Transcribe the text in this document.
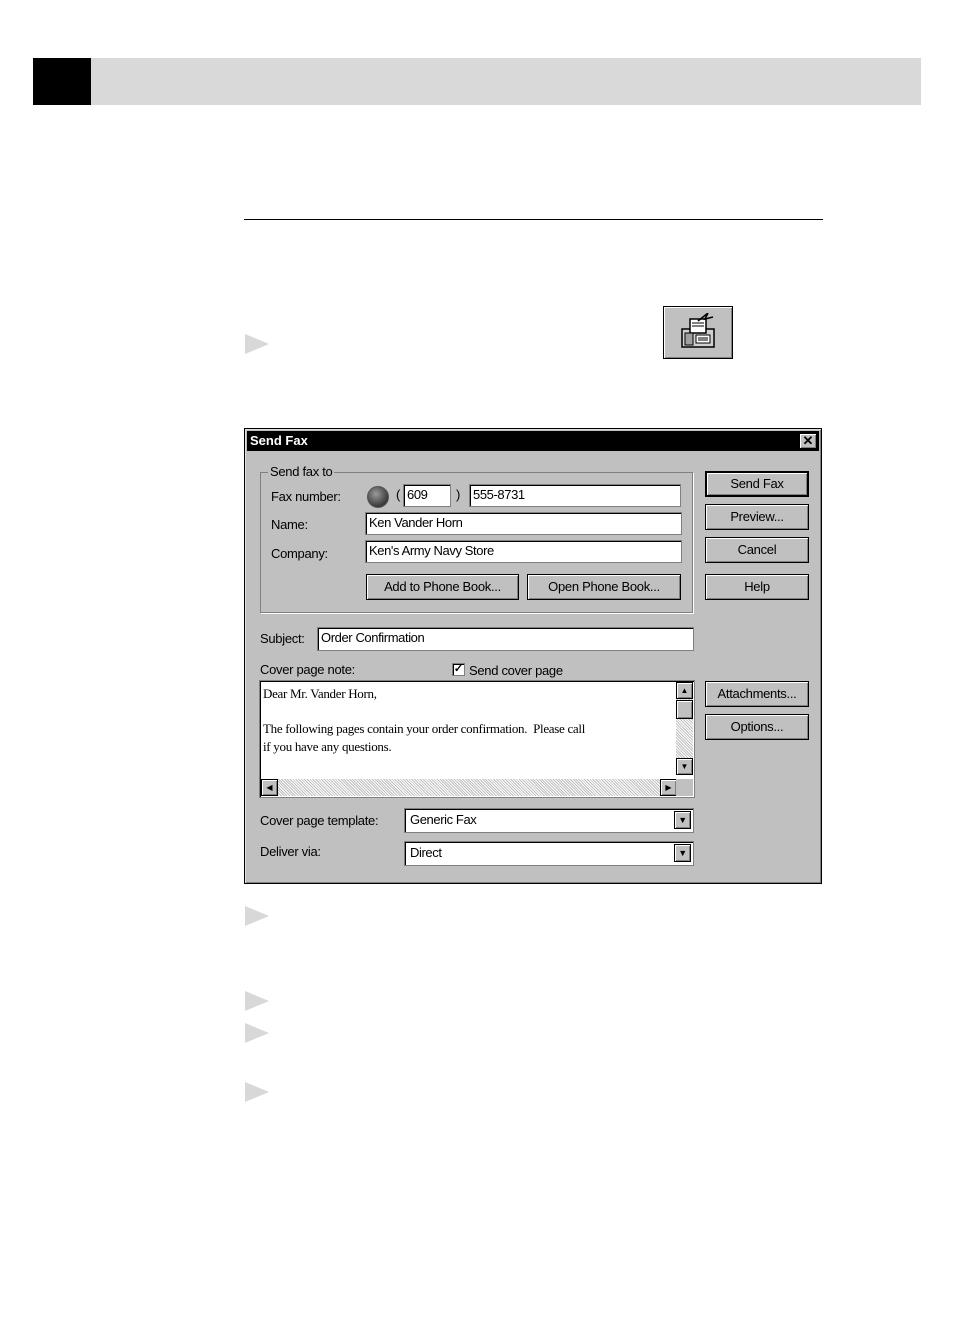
Send Fax	✕
Send fax to
Fax number:	( 609	) 555-8731
Name:	Ken Vander Horn
Company:	Ken's Army Navy Store
Add to Phone Book...	Open Phone Book...
Subject:	Order Confirmation
Cover page note:	✓ Send cover page
Dear Mr. Vander Horn,

The following pages contain your order confirmation.  Please call
if you have any questions.
▲
▼
◀	▶
Cover page template:	Generic Fax	▼
Deliver via:	Direct	▼
Send Fax
Preview...
Cancel
Help
Attachments...
Options...
